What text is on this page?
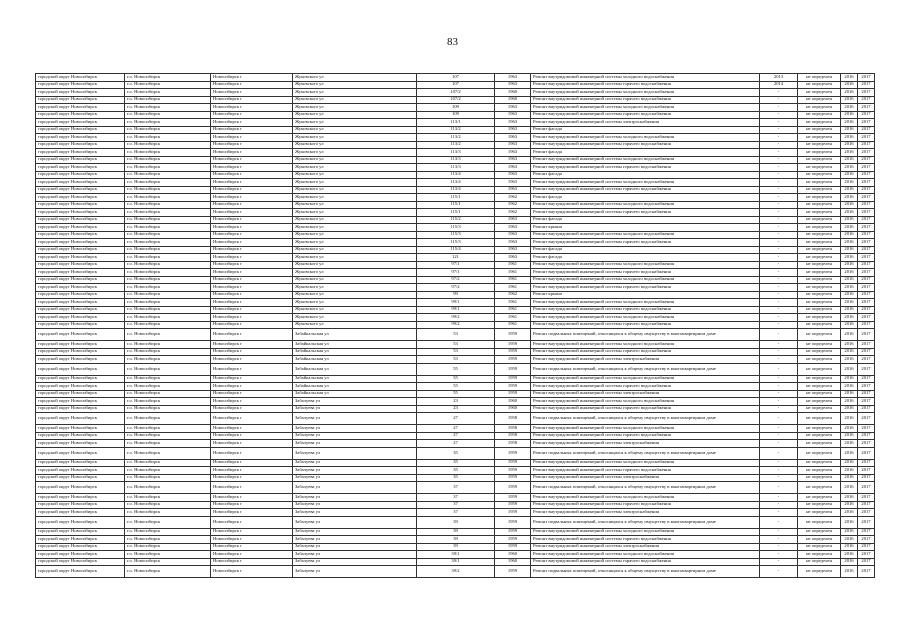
83
городской округ Новосибирск	г.о. Новосибирск	Новосибирск г	Жуковского ул	107	1963	Ремонт внутридомовой инженерной системы холодного водоснабжения	2013	не определен	2016	2017
городской округ Новосибирск	г.о. Новосибирск	Новосибирск г	Жуковского ул	107	1963	Ремонт внутридомовой инженерной системы горячего водоснабжения	2014	не определен	2016	2017
городской округ Новосибирск	г.о. Новосибирск	Новосибирск г	Жуковского ул	107/2	1960	Ремонт внутридомовой инженерной системы холодного водоснабжения	-	не определен	2016	2017
городской округ Новосибирск	г.о. Новосибирск	Новосибирск г	Жуковского ул	107/2	1960	Ремонт внутридомовой инженерной системы горячего водоснабжения	-	не определен	2016	2017
городской округ Новосибирск	г.о. Новосибирск	Новосибирск г	Жуковского ул	109	1963	Ремонт внутридомовой инженерной системы холодного водоснабжения	-	не определен	2016	2017
городской округ Новосибирск	г.о. Новосибирск	Новосибирск г	Жуковского ул	109	1963	Ремонт внутридомовой инженерной системы горячего водоснабжения	-	не определен	2016	2017
городской округ Новосибирск	г.о. Новосибирск	Новосибирск г	Жуковского ул	113/1	1963	Ремонт внутридомовой инженерной системы электроснабжения	-	не определен	2016	2017
городской округ Новосибирск	г.о. Новосибирск	Новосибирск г	Жуковского ул	113/2	1963	Ремонт фасада	-	не определен	2016	2017
городской округ Новосибирск	г.о. Новосибирск	Новосибирск г	Жуковского ул	113/2	1963	Ремонт внутридомовой инженерной системы холодного водоснабжения	-	не определен	2016	2017
городской округ Новосибирск	г.о. Новосибирск	Новосибирск г	Жуковского ул	113/2	1963	Ремонт внутридомовой инженерной системы горячего водоснабжения	-	не определен	2016	2017
городской округ Новосибирск	г.о. Новосибирск	Новосибирск г	Жуковского ул	113/3	1963	Ремонт фасада	-	не определен	2016	2017
городской округ Новосибирск	г.о. Новосибирск	Новосибирск г	Жуковского ул	113/3	1963	Ремонт внутридомовой инженерной системы холодного водоснабжения	-	не определен	2016	2017
городской округ Новосибирск	г.о. Новосибирск	Новосибирск г	Жуковского ул	113/3	1963	Ремонт внутридомовой инженерной системы горячего водоснабжения	-	не определен	2016	2017
городской округ Новосибирск	г.о. Новосибирск	Новосибирск г	Жуковского ул	113/4	1963	Ремонт фасада	-	не определен	2016	2017
городской округ Новосибирск	г.о. Новосибирск	Новосибирск г	Жуковского ул	113/4	1963	Ремонт внутридомовой инженерной системы холодного водоснабжения	-	не определен	2016	2017
городской округ Новосибирск	г.о. Новосибирск	Новосибирск г	Жуковского ул	113/4	1963	Ремонт внутридомовой инженерной системы горячего водоснабжения	-	не определен	2016	2017
городской округ Новосибирск	г.о. Новосибирск	Новосибирск г	Жуковского ул	115/1	1962	Ремонт фасада	-	не определен	2016	2017
городской округ Новосибирск	г.о. Новосибирск	Новосибирск г	Жуковского ул	115/1	1962	Ремонт внутридомовой инженерной системы холодного водоснабжения	-	не определен	2016	2017
городской округ Новосибирск	г.о. Новосибирск	Новосибирск г	Жуковского ул	115/1	1962	Ремонт внутридомовой инженерной системы горячего водоснабжения	-	не определен	2016	2017
городской округ Новосибирск	г.о. Новосибирск	Новосибирск г	Жуковского ул	115/2	1963	Ремонт фасада	-	не определен	2016	2017
городской округ Новосибирск	г.о. Новосибирск	Новосибирск г	Жуковского ул	115/3	1963	Ремонт крыши	-	не определен	2016	2017
городской округ Новосибирск	г.о. Новосибирск	Новосибирск г	Жуковского ул	115/3	1963	Ремонт внутридомовой инженерной системы холодного водоснабжения	-	не определен	2016	2017
городской округ Новосибирск	г.о. Новосибирск	Новосибирск г	Жуковского ул	115/3	1963	Ремонт внутридомовой инженерной системы горячего водоснабжения	-	не определен	2016	2017
городской округ Новосибирск	г.о. Новосибирск	Новосибирск г	Жуковского ул	115/4	1963	Ремонт фасада	-	не определен	2016	2017
городской округ Новосибирск	г.о. Новосибирск	Новосибирск г	Жуковского ул	121	1963	Ремонт фасада	-	не определен	2016	2017
городской округ Новосибирск	г.о. Новосибирск	Новосибирск г	Жуковского ул	97/1	1961	Ремонт внутридомовой инженерной системы холодного водоснабжения	-	не определен	2016	2017
городской округ Новосибирск	г.о. Новосибирск	Новосибирск г	Жуковского ул	97/1	1961	Ремонт внутридомовой инженерной системы горячего водоснабжения	-	не определен	2016	2017
городской округ Новосибирск	г.о. Новосибирск	Новосибирск г	Жуковского ул	97/2	1961	Ремонт внутридомовой инженерной системы холодного водоснабжения	-	не определен	2016	2017
городской округ Новосибирск	г.о. Новосибирск	Новосибирск г	Жуковского ул	97/2	1961	Ремонт внутридомовой инженерной системы горячего водоснабжения	-	не определен	2016	2017
городской округ Новосибирск	г.о. Новосибирск	Новосибирск г	Жуковского ул	99	1962	Ремонт крыши	-	не определен	2016	2017
городской округ Новосибирск	г.о. Новосибирск	Новосибирск г	Жуковского ул	99/1	1961	Ремонт внутридомовой инженерной системы холодного водоснабжения	-	не определен	2016	2017
городской округ Новосибирск	г.о. Новосибирск	Новосибирск г	Жуковского ул	99/1	1961	Ремонт внутридомовой инженерной системы горячего водоснабжения	-	не определен	2016	2017
городской округ Новосибирск	г.о. Новосибирск	Новосибирск г	Жуковского ул	99/2	1961	Ремонт внутридомовой инженерной системы холодного водоснабжения	-	не определен	2016	2017
городской округ Новосибирск	г.о. Новосибирск	Новосибирск г	Жуковского ул	99/2	1961	Ремонт внутридомовой инженерной системы горячего водоснабжения	-	не определен	2016	2017
городской округ Новосибирск	г.о. Новосибирск	Новосибирск г	Забайкальская ул	53	1959	Ремонт подвальных помещений, относящихся к общему имуществу в многоквартирном доме	-	не определен	2016	2017
городской округ Новосибирск	г.о. Новосибирск	Новосибирск г	Забайкальская ул	53	1959	Ремонт внутридомовой инженерной системы холодного водоснабжения	-	не определен	2016	2017
городской округ Новосибирск	г.о. Новосибирск	Новосибирск г	Забайкальская ул	53	1959	Ремонт внутридомовой инженерной системы горячего водоснабжения	-	не определен	2016	2017
городской округ Новосибирск	г.о. Новосибирск	Новосибирск г	Забайкальская ул	53	1959	Ремонт внутридомовой инженерной системы электроснабжения	-	не определен	2016	2017
городской округ Новосибирск	г.о. Новосибирск	Новосибирск г	Забайкальская ул	55	1959	Ремонт подвальных помещений, относящихся к общему имуществу в многоквартирном доме	-	не определен	2016	2017
городской округ Новосибирск	г.о. Новосибирск	Новосибирск г	Забайкальская ул	55	1959	Ремонт внутридомовой инженерной системы холодного водоснабжения	-	не определен	2016	2017
городской округ Новосибирск	г.о. Новосибирск	Новосибирск г	Забайкальская ул	55	1959	Ремонт внутридомовой инженерной системы горячего водоснабжения	-	не определен	2016	2017
городской округ Новосибирск	г.о. Новосибирск	Новосибирск г	Забайкальская ул	55	1959	Ремонт внутридомовой инженерной системы электроснабжения	-	не определен	2016	2017
городской округ Новосибирск	г.о. Новосибирск	Новосибирск г	Забалуева ул	23	1960	Ремонт внутридомовой инженерной системы холодного водоснабжения	-	не определен	2016	2017
городской округ Новосибирск	г.о. Новосибирск	Новосибирск г	Забалуева ул	23	1960	Ремонт внутридомовой инженерной системы горячего водоснабжения	-	не определен	2016	2017
городской округ Новосибирск	г.о. Новосибирск	Новосибирск г	Забалуева ул	27	1958	Ремонт подвальных помещений, относящихся к общему имуществу в многоквартирном доме	-	не определен	2016	2017
городской округ Новосибирск	г.о. Новосибирск	Новосибирск г	Забалуева ул	27	1958	Ремонт внутридомовой инженерной системы холодного водоснабжения	-	не определен	2016	2017
городской округ Новосибирск	г.о. Новосибирск	Новосибирск г	Забалуева ул	27	1958	Ремонт внутридомовой инженерной системы горячего водоснабжения	-	не определен	2016	2017
городской округ Новосибирск	г.о. Новосибирск	Новосибирск г	Забалуева ул	27	1958	Ремонт внутридомовой инженерной системы электроснабжения	-	не определен	2016	2017
городской округ Новосибирск	г.о. Новосибирск	Новосибирск г	Забалуева ул	35	1959	Ремонт подвальных помещений, относящихся к общему имуществу в многоквартирном доме	-	не определен	2016	2017
городской округ Новосибирск	г.о. Новосибирск	Новосибирск г	Забалуева ул	35	1959	Ремонт внутридомовой инженерной системы холодного водоснабжения	-	не определен	2016	2017
городской округ Новосибирск	г.о. Новосибирск	Новосибирск г	Забалуева ул	35	1959	Ремонт внутридомовой инженерной системы горячего водоснабжения	-	не определен	2016	2017
городской округ Новосибирск	г.о. Новосибирск	Новосибирск г	Забалуева ул	35	1959	Ремонт внутридомовой инженерной системы электроснабжения	-	не определен	2016	2017
городской округ Новосибирск	г.о. Новосибирск	Новосибирск г	Забалуева ул	37	1959	Ремонт подвальных помещений, относящихся к общему имуществу в многоквартирном доме	-	не определен	2016	2017
городской округ Новосибирск	г.о. Новосибирск	Новосибирск г	Забалуева ул	37	1959	Ремонт внутридомовой инженерной системы холодного водоснабжения	-	не определен	2016	2017
городской округ Новосибирск	г.о. Новосибирск	Новосибирск г	Забалуева ул	37	1959	Ремонт внутридомовой инженерной системы горячего водоснабжения	-	не определен	2016	2017
городской округ Новосибирск	г.о. Новосибирск	Новосибирск г	Забалуева ул	37	1959	Ремонт внутридомовой инженерной системы электроснабжения	-	не определен	2016	2017
городской округ Новосибирск	г.о. Новосибирск	Новосибирск г	Забалуева ул	39	1959	Ремонт подвальных помещений, относящихся к общему имуществу в многоквартирном доме	-	не определен	2016	2017
городской округ Новосибирск	г.о. Новосибирск	Новосибирск г	Забалуева ул	39	1959	Ремонт внутридомовой инженерной системы холодного водоснабжения	-	не определен	2016	2017
городской округ Новосибирск	г.о. Новосибирск	Новосибирск г	Забалуева ул	39	1959	Ремонт внутридомовой инженерной системы горячего водоснабжения	-	не определен	2016	2017
городской округ Новосибирск	г.о. Новосибирск	Новосибирск г	Забалуева ул	39	1959	Ремонт внутридомовой инженерной системы электроснабжения	-	не определен	2016	2017
городской округ Новосибирск	г.о. Новосибирск	Новосибирск г	Забалуева ул	39/1	1960	Ремонт внутридомовой инженерной системы холодного водоснабжения	-	не определен	2016	2017
городской округ Новосибирск	г.о. Новосибирск	Новосибирск г	Забалуева ул	39/1	1960	Ремонт внутридомовой инженерной системы горячего водоснабжения	-	не определен	2016	2017
городской округ Новосибирск	г.о. Новосибирск	Новосибирск г	Забалуева ул	39/2	1959	Ремонт подвальных помещений, относящихся к общему имуществу в многоквартирном доме	-	не определен	2016	2017
